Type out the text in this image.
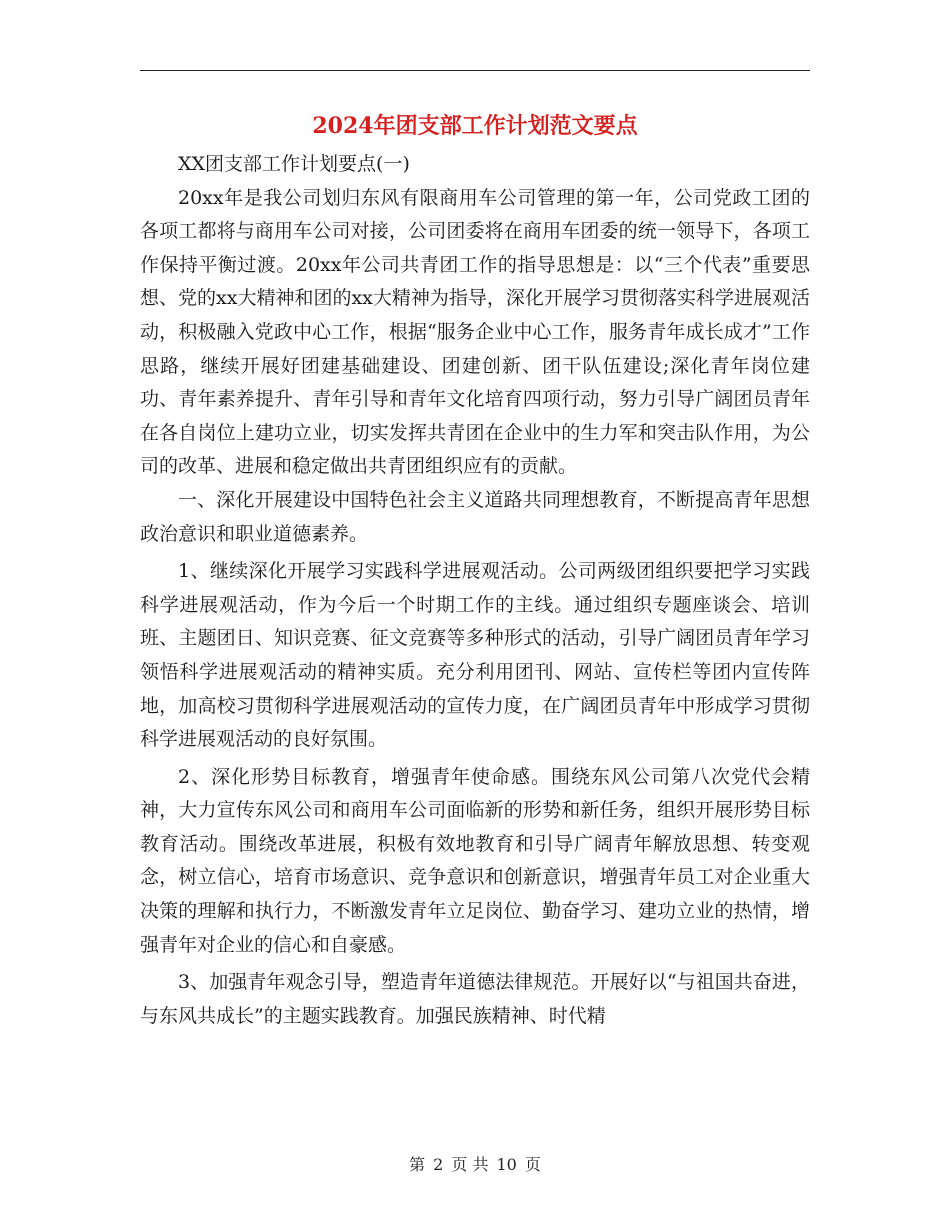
2024年团支部工作计划范文要点

XX团支部工作计划要点(一)

20xx年是我公司划归东风有限商用车公司管理的第一年，公司党政工团的各项工都将与商用车公司对接，公司团委将在商用车团委的统一领导下，各项工作保持平衡过渡。20xx年公司共青团工作的指导思想是：以“三个代表”重要思想、党的xx大精神和团的xx大精神为指导，深化开展学习贯彻落实科学进展观活动，积极融入党政中心工作，根据“服务企业中心工作，服务青年成长成才”工作思路，继续开展好团建基础建设、团建创新、团干队伍建设;深化青年岗位建功、青年素养提升、青年引导和青年文化培育四项行动，努力引导广阔团员青年在各自岗位上建功立业，切实发挥共青团在企业中的生力军和突击队作用，为公司的改革、进展和稳定做出共青团组织应有的贡献。

一、深化开展建设中国特色社会主义道路共同理想教育，不断提高青年思想政治意识和职业道德素养。

1、继续深化开展学习实践科学进展观活动。公司两级团组织要把学习实践科学进展观活动，作为今后一个时期工作的主线。通过组织专题座谈会、培训班、主题团日、知识竞赛、征文竞赛等多种形式的活动，引导广阔团员青年学习领悟科学进展观活动的精神实质。充分利用团刊、网站、宣传栏等团内宣传阵地，加高校习贯彻科学进展观活动的宣传力度，在广阔团员青年中形成学习贯彻科学进展观活动的良好氛围。

2、深化形势目标教育，增强青年使命感。围绕东风公司第八次党代会精神，大力宣传东风公司和商用车公司面临新的形势和新任务，组织开展形势目标教育活动。围绕改革进展，积极有效地教育和引导广阔青年解放思想、转变观念，树立信心，培育市场意识、竞争意识和创新意识，增强青年员工对企业重大决策的理解和执行力，不断激发青年立足岗位、勤奋学习、建功立业的热情，增强青年对企业的信心和自豪感。

3、加强青年观念引导，塑造青年道德法律规范。开展好以“与祖国共奋进，与东风共成长”的主题实践教育。加强民族精神、时代精

第 2 页 共 10 页
